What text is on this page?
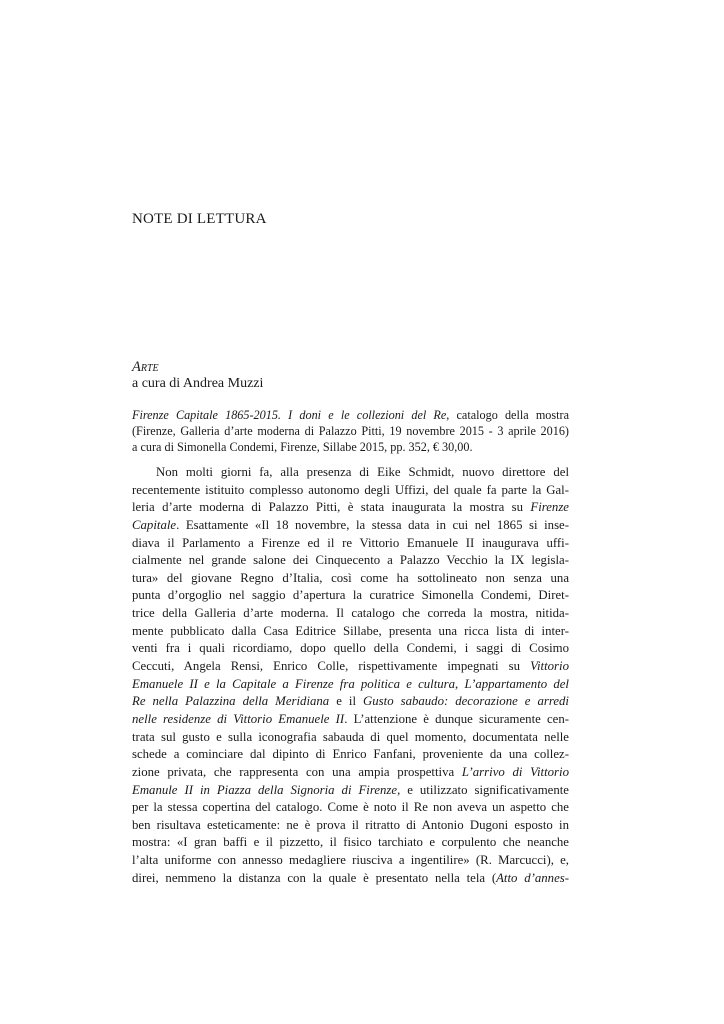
NOTE DI LETTURA
Arte

a cura di Andrea Muzzi

Firenze Capitale 1865-2015. I doni e le collezioni del Re, catalogo della mostra
(Firenze, Galleria d’arte moderna di Palazzo Pitti, 19 novembre 2015 - 3 aprile 2016)
a cura di Simonella Condemi, Firenze, Sillabe 2015, pp. 352, € 30,00.

Non molti giorni fa, alla presenza di Eike Schmidt, nuovo direttore del
recentemente istituito complesso autonomo degli Uffizi, del quale fa parte la Gal-
leria d’arte moderna di Palazzo Pitti, è stata inaugurata la mostra su Firenze
Capitale. Esattamente «Il 18 novembre, la stessa data in cui nel 1865 si inse-
diava il Parlamento a Firenze ed il re Vittorio Emanuele II inaugurava uffi-
cialmente nel grande salone dei Cinquecento a Palazzo Vecchio la IX legisla-
tura» del giovane Regno d’Italia, così come ha sottolineato non senza una
punta d’orgoglio nel saggio d’apertura la curatrice Simonella Condemi, Diret-
trice della Galleria d’arte moderna. Il catalogo che correda la mostra, nitida-
mente pubblicato dalla Casa Editrice Sillabe, presenta una ricca lista di inter-
venti fra i quali ricordiamo, dopo quello della Condemi, i saggi di Cosimo
Ceccuti, Angela Rensi, Enrico Colle, rispettivamente impegnati su Vittorio
Emanuele II e la Capitale a Firenze fra politica e cultura, L’appartamento del
Re nella Palazzina della Meridiana e il Gusto sabaudo: decorazione e arredi
nelle residenze di Vittorio Emanuele II. L’attenzione è dunque sicuramente cen-
trata sul gusto e sulla iconografia sabauda di quel momento, documentata nelle
schede a cominciare dal dipinto di Enrico Fanfani, proveniente da una collez-
zione privata, che rappresenta con una ampia prospettiva L’arrivo di Vittorio
Emanule II in Piazza della Signoria di Firenze, e utilizzato significativamente
per la stessa copertina del catalogo. Come è noto il Re non aveva un aspetto che
ben risultava esteticamente: ne è prova il ritratto di Antonio Dugoni esposto in
mostra: «I gran baffi e il pizzetto, il fisico tarchiato e corpulento che neanche
l’alta uniforme con annesso medagliere riusciva a ingentilire» (R. Marcucci), e,
direi, nemmeno la distanza con la quale è presentato nella tela (Atto d’annes-
